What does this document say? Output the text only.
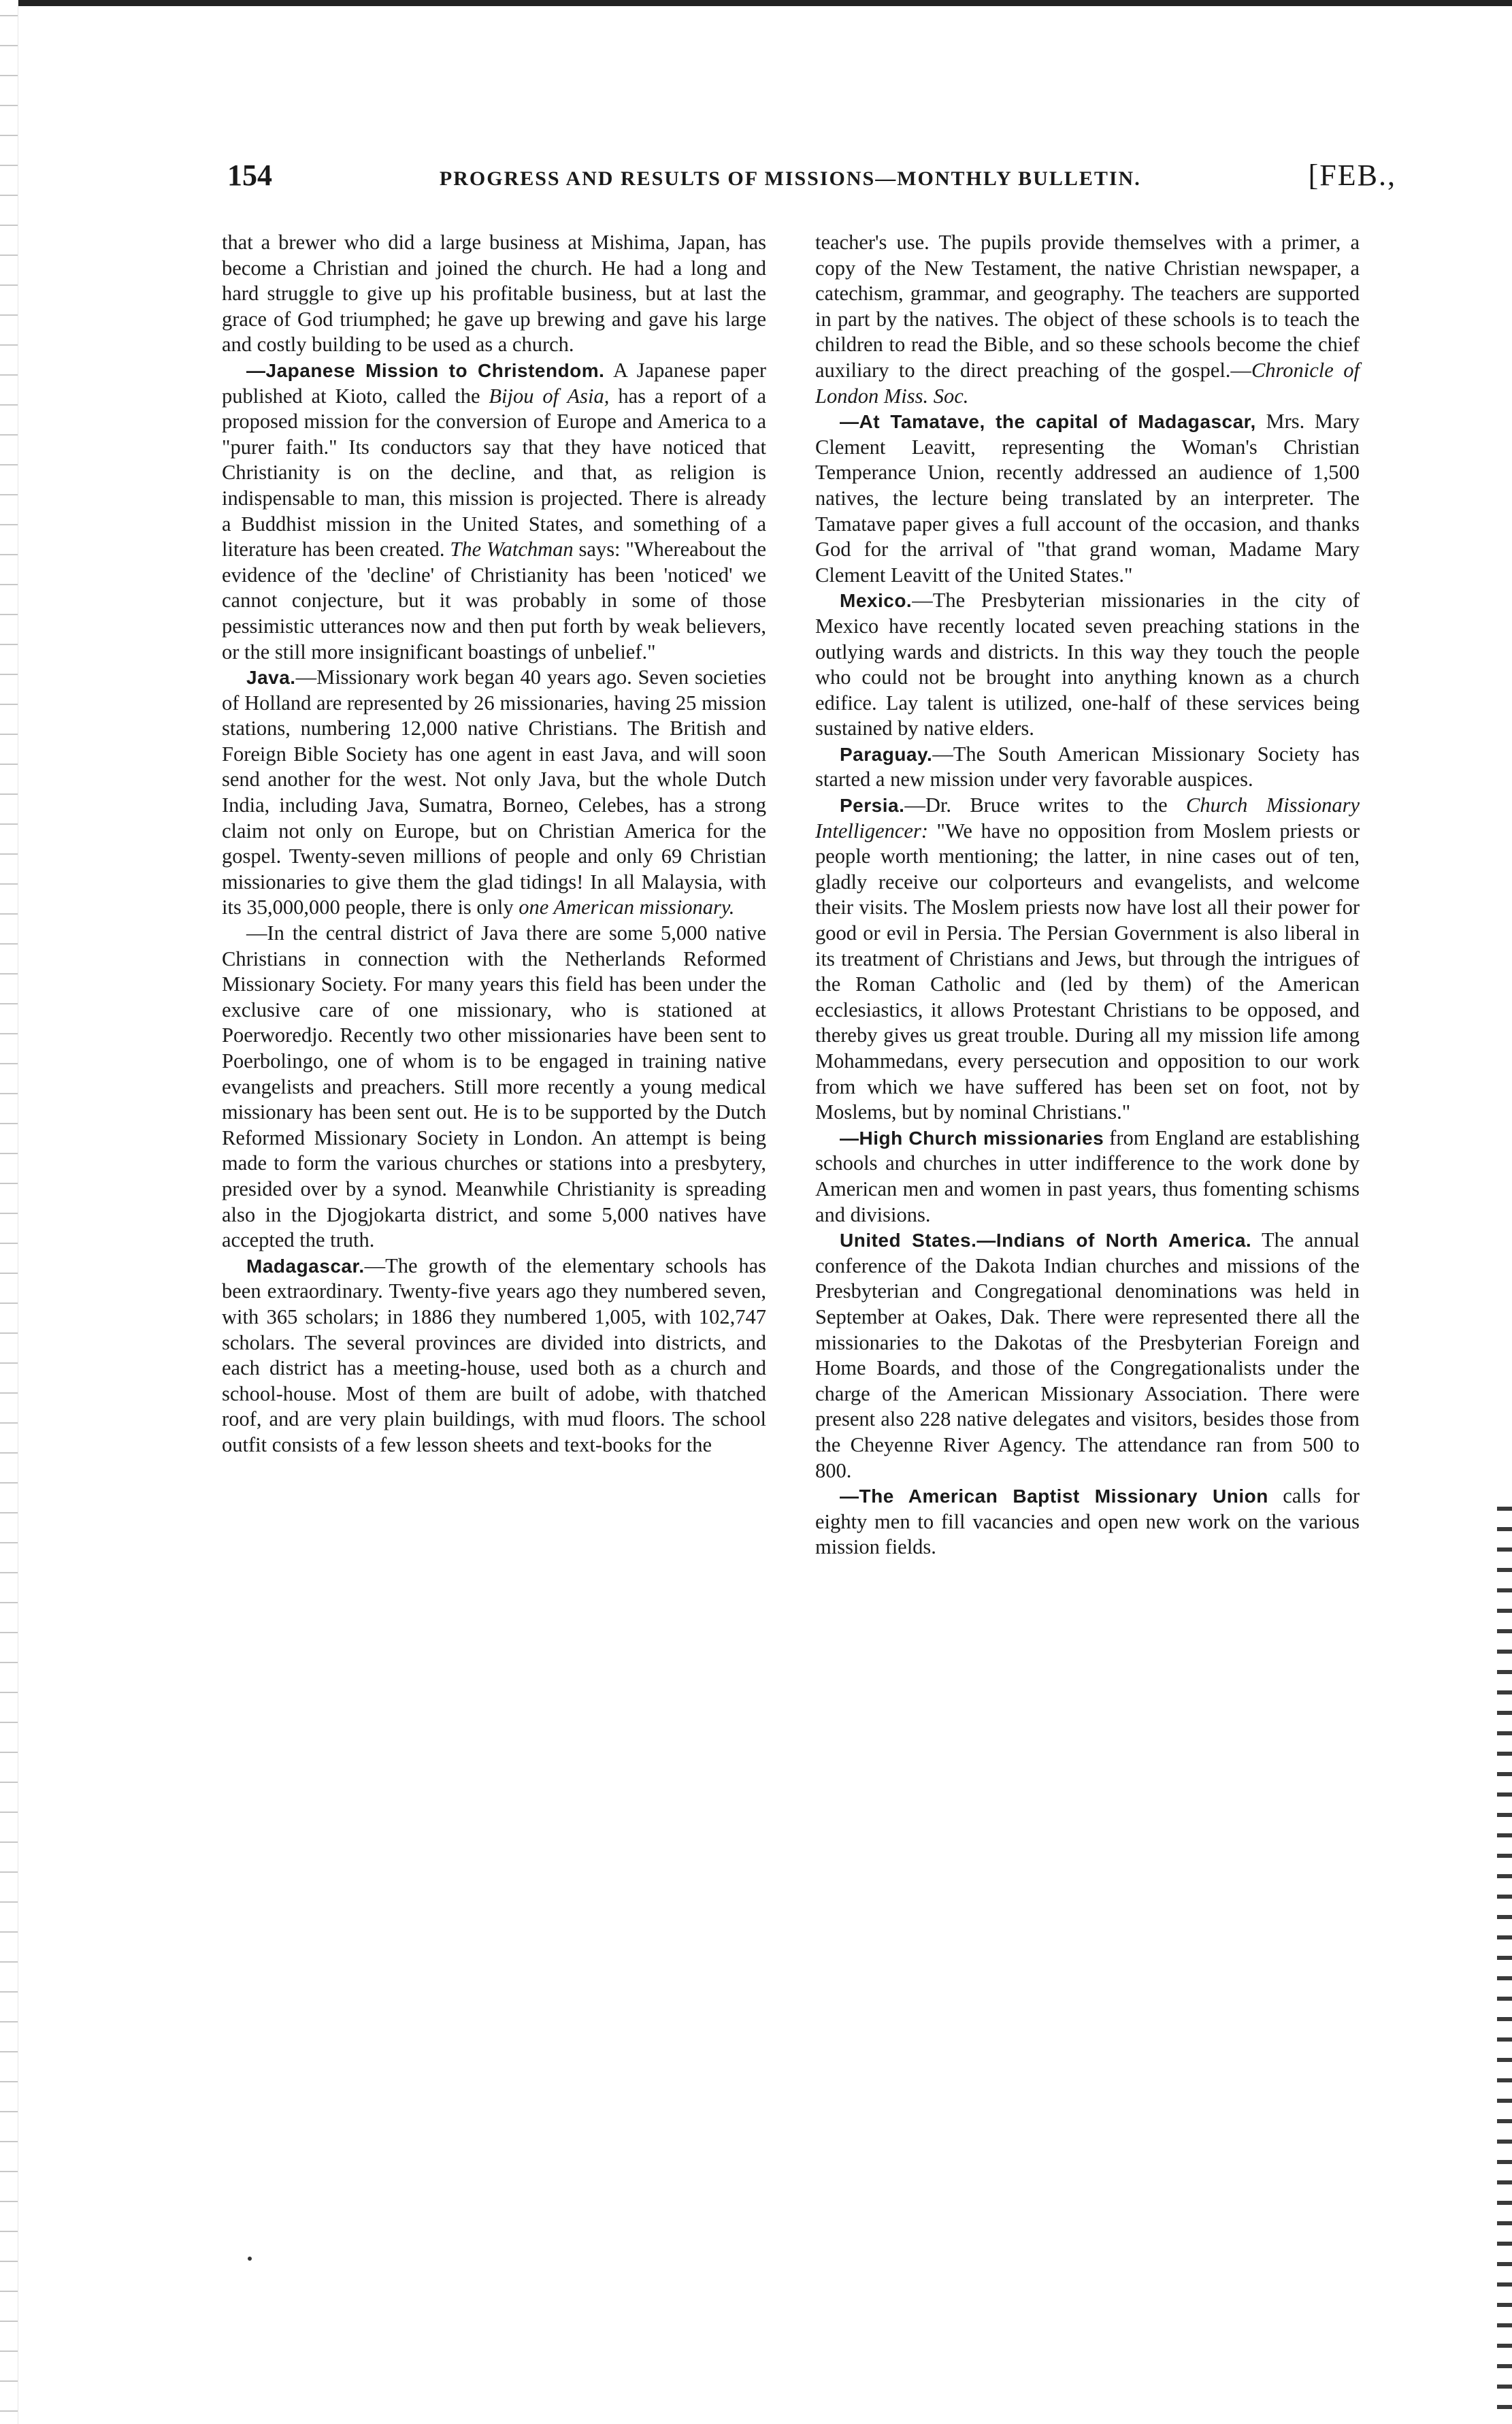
154	PROGRESS AND RESULTS OF MISSIONS—MONTHLY BULLETIN.	[FEB.,

that a brewer who did a large business at Mishima, Japan, has become a Christian and joined the church. He had a long and hard struggle to give up his profitable business, but at last the grace of God triumphed; he gave up brewing and gave his large and costly building to be used as a church.

—Japanese Mission to Christendom. A Japanese paper published at Kioto, called the Bijou of Asia, has a report of a proposed mission for the conversion of Europe and America to a "purer faith." Its conductors say that they have noticed that Christianity is on the decline, and that, as religion is indispensable to man, this mission is projected. There is already a Buddhist mission in the United States, and something of a literature has been created. The Watchman says: "Whereabout the evidence of the 'decline' of Christianity has been 'noticed' we cannot conjecture, but it was probably in some of those pessimistic utterances now and then put forth by weak believers, or the still more insignificant boastings of unbelief."

Java.—Missionary work began 40 years ago. Seven societies of Holland are represented by 26 missionaries, having 25 mission stations, numbering 12,000 native Christians. The British and Foreign Bible Society has one agent in east Java, and will soon send another for the west. Not only Java, but the whole Dutch India, including Java, Sumatra, Borneo, Celebes, has a strong claim not only on Europe, but on Christian America for the gospel. Twenty-seven millions of people and only 69 Christian missionaries to give them the glad tidings! In all Malaysia, with its 35,000,000 people, there is only one American missionary.

—In the central district of Java there are some 5,000 native Christians in connection with the Netherlands Reformed Missionary Society. For many years this field has been under the exclusive care of one missionary, who is stationed at Poerworedjo. Recently two other missionaries have been sent to Poerbolingo, one of whom is to be engaged in training native evangelists and preachers. Still more recently a young medical missionary has been sent out. He is to be supported by the Dutch Reformed Missionary Society in London. An attempt is being made to form the various churches or stations into a presbytery, presided over by a synod. Meanwhile Christianity is spreading also in the Djogjokarta district, and some 5,000 natives have accepted the truth.

Madagascar.—The growth of the elementary schools has been extraordinary. Twenty-five years ago they numbered seven, with 365 scholars; in 1886 they numbered 1,005, with 102,747 scholars. The several provinces are divided into districts, and each district has a meeting-house, used both as a church and school-house. Most of them are built of adobe, with thatched roof, and are very plain buildings, with mud floors. The school outfit consists of a few lesson sheets and text-books for the

teacher's use. The pupils provide themselves with a primer, a copy of the New Testament, the native Christian newspaper, a catechism, grammar, and geography. The teachers are supported in part by the natives. The object of these schools is to teach the children to read the Bible, and so these schools become the chief auxiliary to the direct preaching of the gospel.—Chronicle of London Miss. Soc.

—At Tamatave, the capital of Madagascar, Mrs. Mary Clement Leavitt, representing the Woman's Christian Temperance Union, recently addressed an audience of 1,500 natives, the lecture being translated by an interpreter. The Tamatave paper gives a full account of the occasion, and thanks God for the arrival of "that grand woman, Madame Mary Clement Leavitt of the United States."

Mexico.—The Presbyterian missionaries in the city of Mexico have recently located seven preaching stations in the outlying wards and districts. In this way they touch the people who could not be brought into anything known as a church edifice. Lay talent is utilized, one-half of these services being sustained by native elders.

Paraguay.—The South American Missionary Society has started a new mission under very favorable auspices.

Persia.—Dr. Bruce writes to the Church Missionary Intelligencer: "We have no opposition from Moslem priests or people worth mentioning; the latter, in nine cases out of ten, gladly receive our colporteurs and evangelists, and welcome their visits. The Moslem priests now have lost all their power for good or evil in Persia. The Persian Government is also liberal in its treatment of Christians and Jews, but through the intrigues of the Roman Catholic and (led by them) of the American ecclesiastics, it allows Protestant Christians to be opposed, and thereby gives us great trouble. During all my mission life among Mohammedans, every persecution and opposition to our work from which we have suffered has been set on foot, not by Moslems, but by nominal Christians."

—High Church missionaries from England are establishing schools and churches in utter indifference to the work done by American men and women in past years, thus fomenting schisms and divisions.

United States.—Indians of North America. The annual conference of the Dakota Indian churches and missions of the Presbyterian and Congregational denominations was held in September at Oakes, Dak. There were represented there all the missionaries to the Dakotas of the Presbyterian Foreign and Home Boards, and those of the Congregationalists under the charge of the American Missionary Association. There were present also 228 native delegates and visitors, besides those from the Cheyenne River Agency. The attendance ran from 500 to 800.

—The American Baptist Missionary Union calls for eighty men to fill vacancies and open new work on the various mission fields.
